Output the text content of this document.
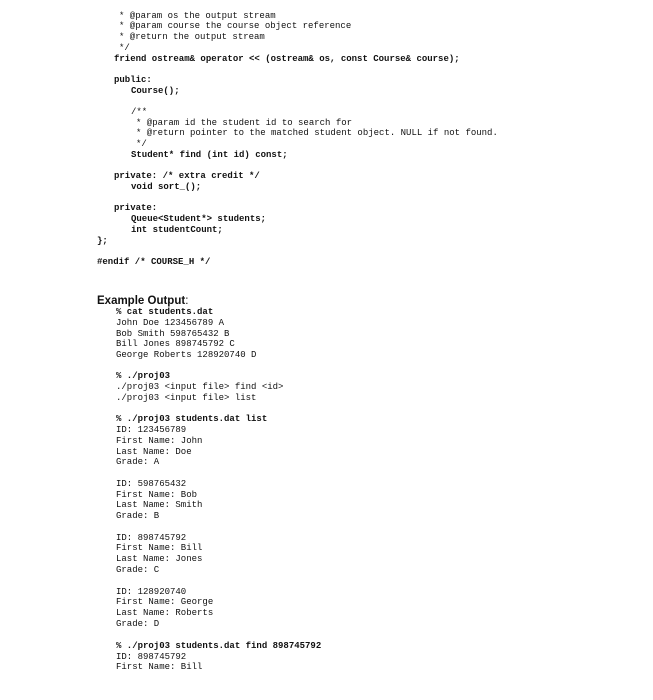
* @param os the output stream
* @param course the course object reference
* @return the output stream
*/
friend ostream& operator << (ostream& os, const Course& course);
public:
Course();
/**
* @param id the student id to search for
* @return pointer to the matched student object. NULL if not found.
*/
Student* find (int id) const;
private: /* extra credit */
void sort_();
private:
Queue<Student*> students;
int studentCount;
};
#endif /* COURSE_H */
Example Output:
% cat students.dat
John Doe 123456789 A
Bob Smith 598765432 B
Bill Jones 898745792 C
George Roberts 128920740 D
% ./proj03
./proj03 <input file> find <id>
./proj03 <input file> list
% ./proj03 students.dat list
ID: 123456789
First Name: John
Last Name: Doe
Grade: A
ID: 598765432
First Name: Bob
Last Name: Smith
Grade: B
ID: 898745792
First Name: Bill
Last Name: Jones
Grade: C
ID: 128920740
First Name: George
Last Name: Roberts
Grade: D
% ./proj03 students.dat find 898745792
ID: 898745792
First Name: Bill
